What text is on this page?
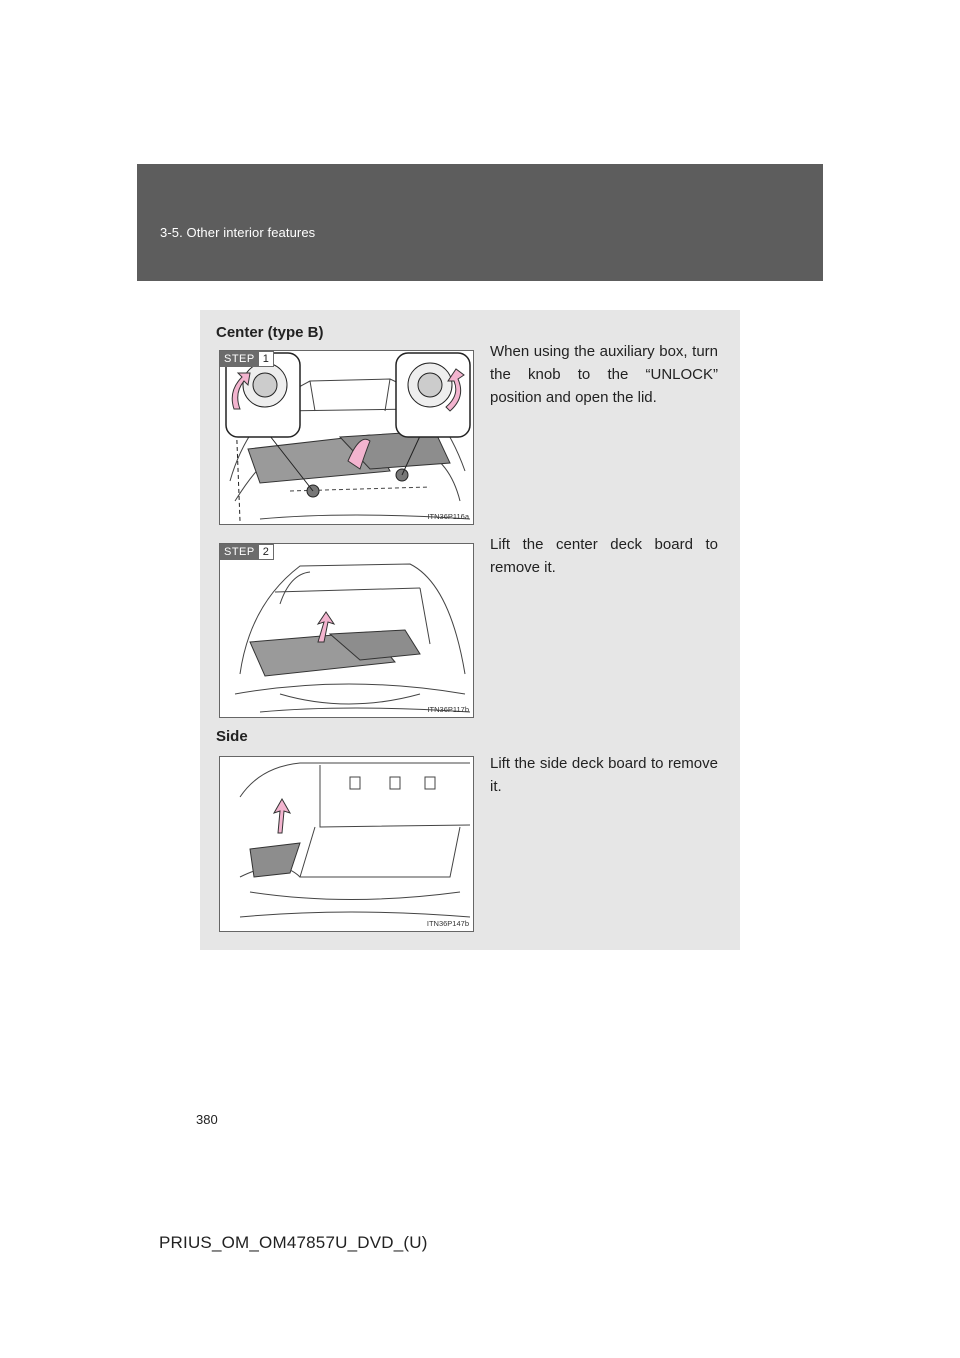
3-5. Other interior features
Center (type B)
STEP 1
ITN36P116a
When using the auxiliary box, turn the knob to the “UNLOCK” position and open the lid.
STEP 2
ITN36P117b
Lift the center deck board to remove it.
Side
ITN36P147b
Lift the side deck board to remove it.
380
PRIUS_OM_OM47857U_DVD_(U)
